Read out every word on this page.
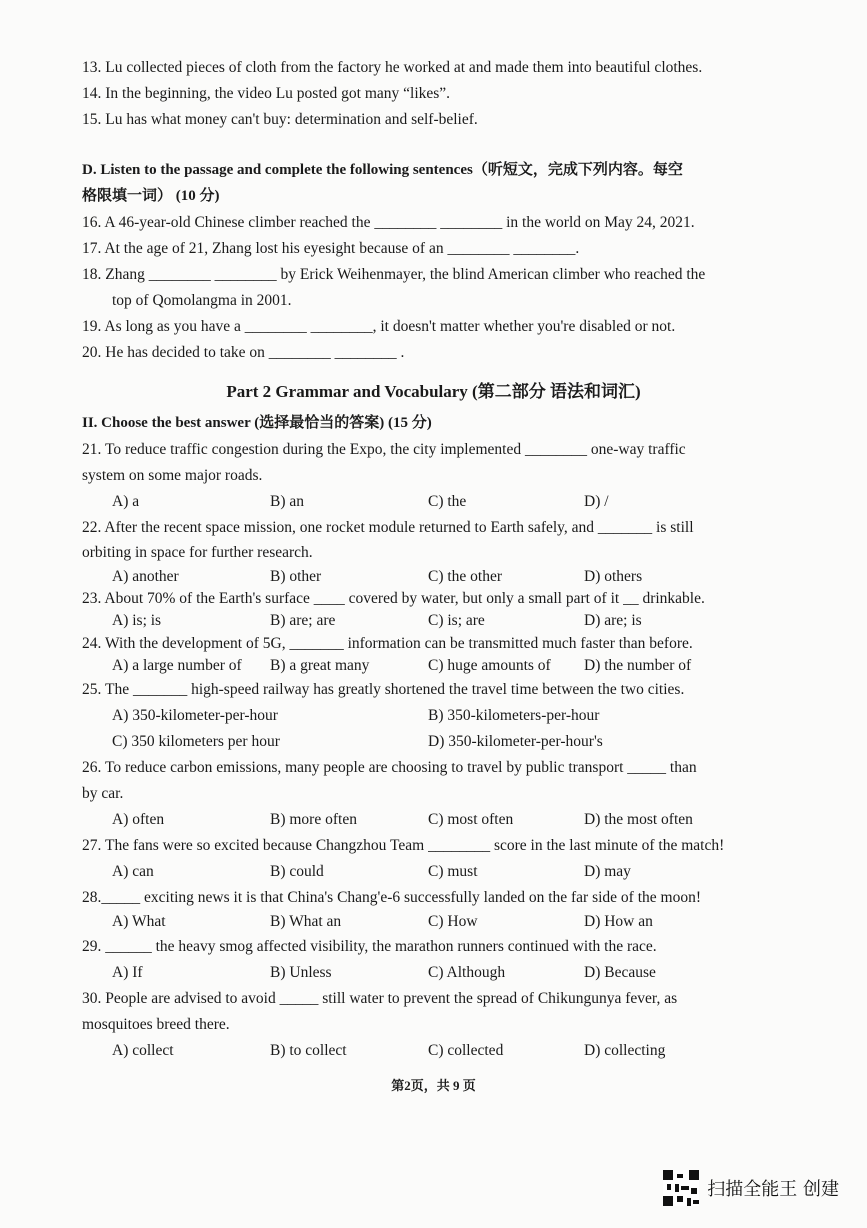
13. Lu collected pieces of cloth from the factory he worked at and made them into beautiful clothes.
14. In the beginning, the video Lu posted got many “likes”.
15. Lu has what money can't buy: determination and self-belief.
D. Listen to the passage and complete the following sentences（听短文，完成下列内容。每空
格限填一词） (10 分)
16. A 46-year-old Chinese climber reached the ________ ________ in the world on May 24, 2021.
17. At the age of 21, Zhang lost his eyesight because of an ________ ________.
18. Zhang ________ ________ by Erick Weihenmayer, the blind American climber who reached the
top of Qomolangma in 2001.
19. As long as you have a ________ ________, it doesn't matter whether you're disabled or not.
20. He has decided to take on ________ ________ .
Part 2 Grammar and Vocabulary (第二部分 语法和词汇)
II. Choose the best answer (选择最恰当的答案) (15 分)
21. To reduce traffic congestion during the Expo, the city implemented ________ one-way traffic
system on some major roads.
A) a	B) an	C) the	D) /
22. After the recent space mission, one rocket module returned to Earth safely, and _______ is still
orbiting in space for further research.
A) another	B) other	C) the other	D) others
23. About 70% of the Earth's surface ____ covered by water, but only a small part of it __ drinkable.
A) is; is	B) are; are	C) is; are	D) are; is
24. With the development of 5G, _______ information can be transmitted much faster than before.
A) a large number of B) a great many	C) huge amounts of D) the number of
25. The _______ high-speed railway has greatly shortened the travel time between the two cities.
A) 350-kilometer-per-hour	B) 350-kilometers-per-hour
C) 350 kilometers per hour	D) 350-kilometer-per-hour's
26. To reduce carbon emissions, many people are choosing to travel by public transport _____ than
by car.
A) often	B) more often	C) most often	D) the most often
27. The fans were so excited because Changzhou Team ________ score in the last minute of the match!
A) can	B) could	C) must	D) may
28._____ exciting news it is that China's Chang'e-6 successfully landed on the far side of the moon!
A) What	B) What an	C) How	D) How an
29. ______ the heavy smog affected visibility, the marathon runners continued with the race.
A) If	B) Unless	C) Although	D) Because
30. People are advised to avoid _____ still water to prevent the spread of Chikungunya fever, as
mosquitoes breed there.
A) collect	B) to collect	C) collected	D) collecting
第2页，共 9 页
扫描全能王 创建
